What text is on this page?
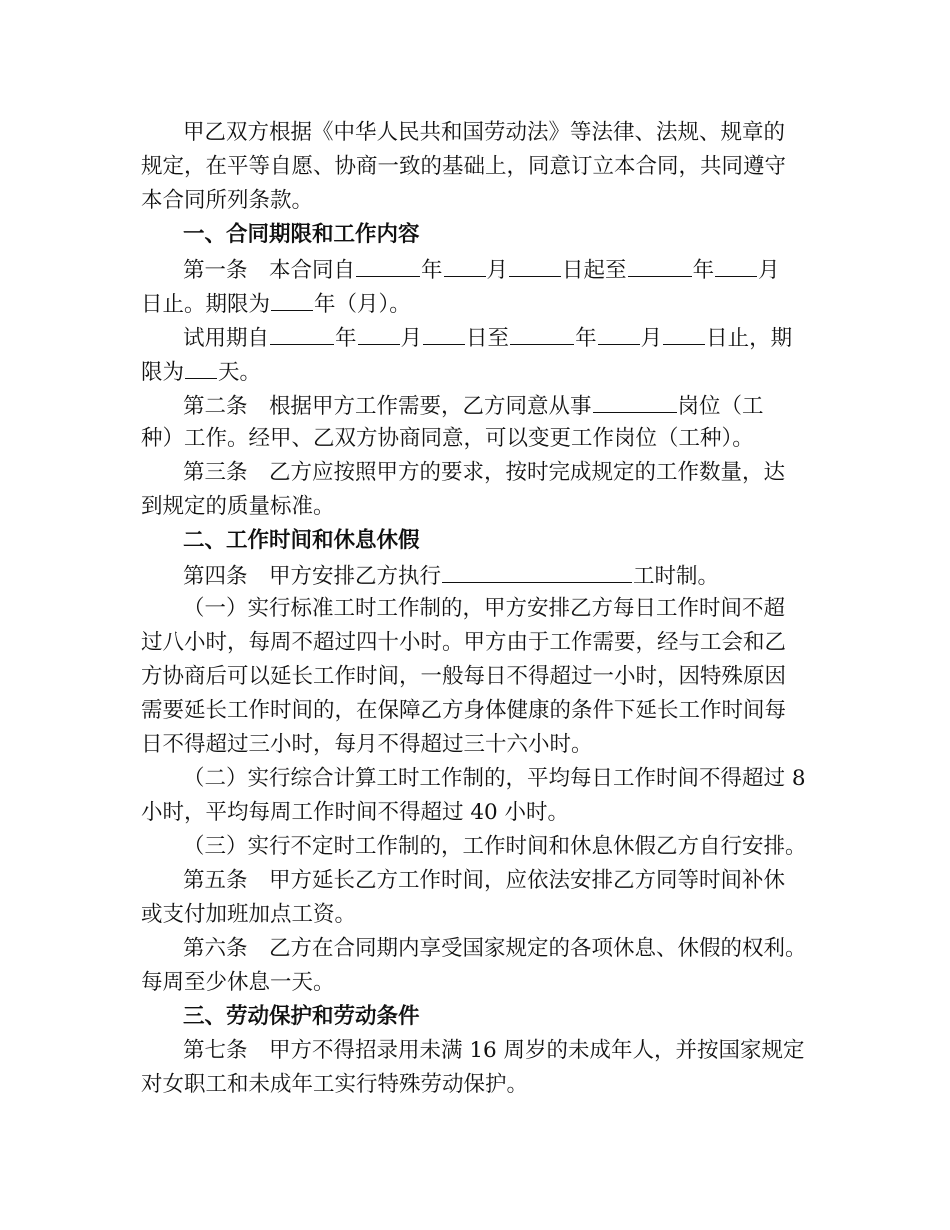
甲乙双方根据《中华人民共和国劳动法》等法律、法规、规章的
规定，在平等自愿、协商一致的基础上，同意订立本合同，共同遵守
本合同所列条款。
一、合同期限和工作内容
第一条　本合同自	年 月	日起至	年 月
日止。期限为 年（月）。
试用期自	年 月 日至	年 月 日止，期
限为 天。
第二条　根据甲方工作需要，乙方同意从事	岗位（工
种）工作。经甲、乙双方协商同意，可以变更工作岗位（工种）。
第三条　乙方应按照甲方的要求，按时完成规定的工作数量，达
到规定的质量标准。
二、工作时间和休息休假
第四条　甲方安排乙方执行	工时制。
（一）实行标准工时工作制的，甲方安排乙方每日工作时间不超
过八小时，每周不超过四十小时。甲方由于工作需要，经与工会和乙
方协商后可以延长工作时间，一般每日不得超过一小时，因特殊原因
需要延长工作时间的，在保障乙方身体健康的条件下延长工作时间每
日不得超过三小时，每月不得超过三十六小时。
（二）实行综合计算工时工作制的，平均每日工作时间不得超过 8
小时，平均每周工作时间不得超过 40 小时。
（三）实行不定时工作制的，工作时间和休息休假乙方自行安排。
第五条　甲方延长乙方工作时间，应依法安排乙方同等时间补休
或支付加班加点工资。
第六条　乙方在合同期内享受国家规定的各项休息、休假的权利。
每周至少休息一天。
三、劳动保护和劳动条件
第七条　甲方不得招录用未满 16 周岁的未成年人，并按国家规定
对女职工和未成年工实行特殊劳动保护。
